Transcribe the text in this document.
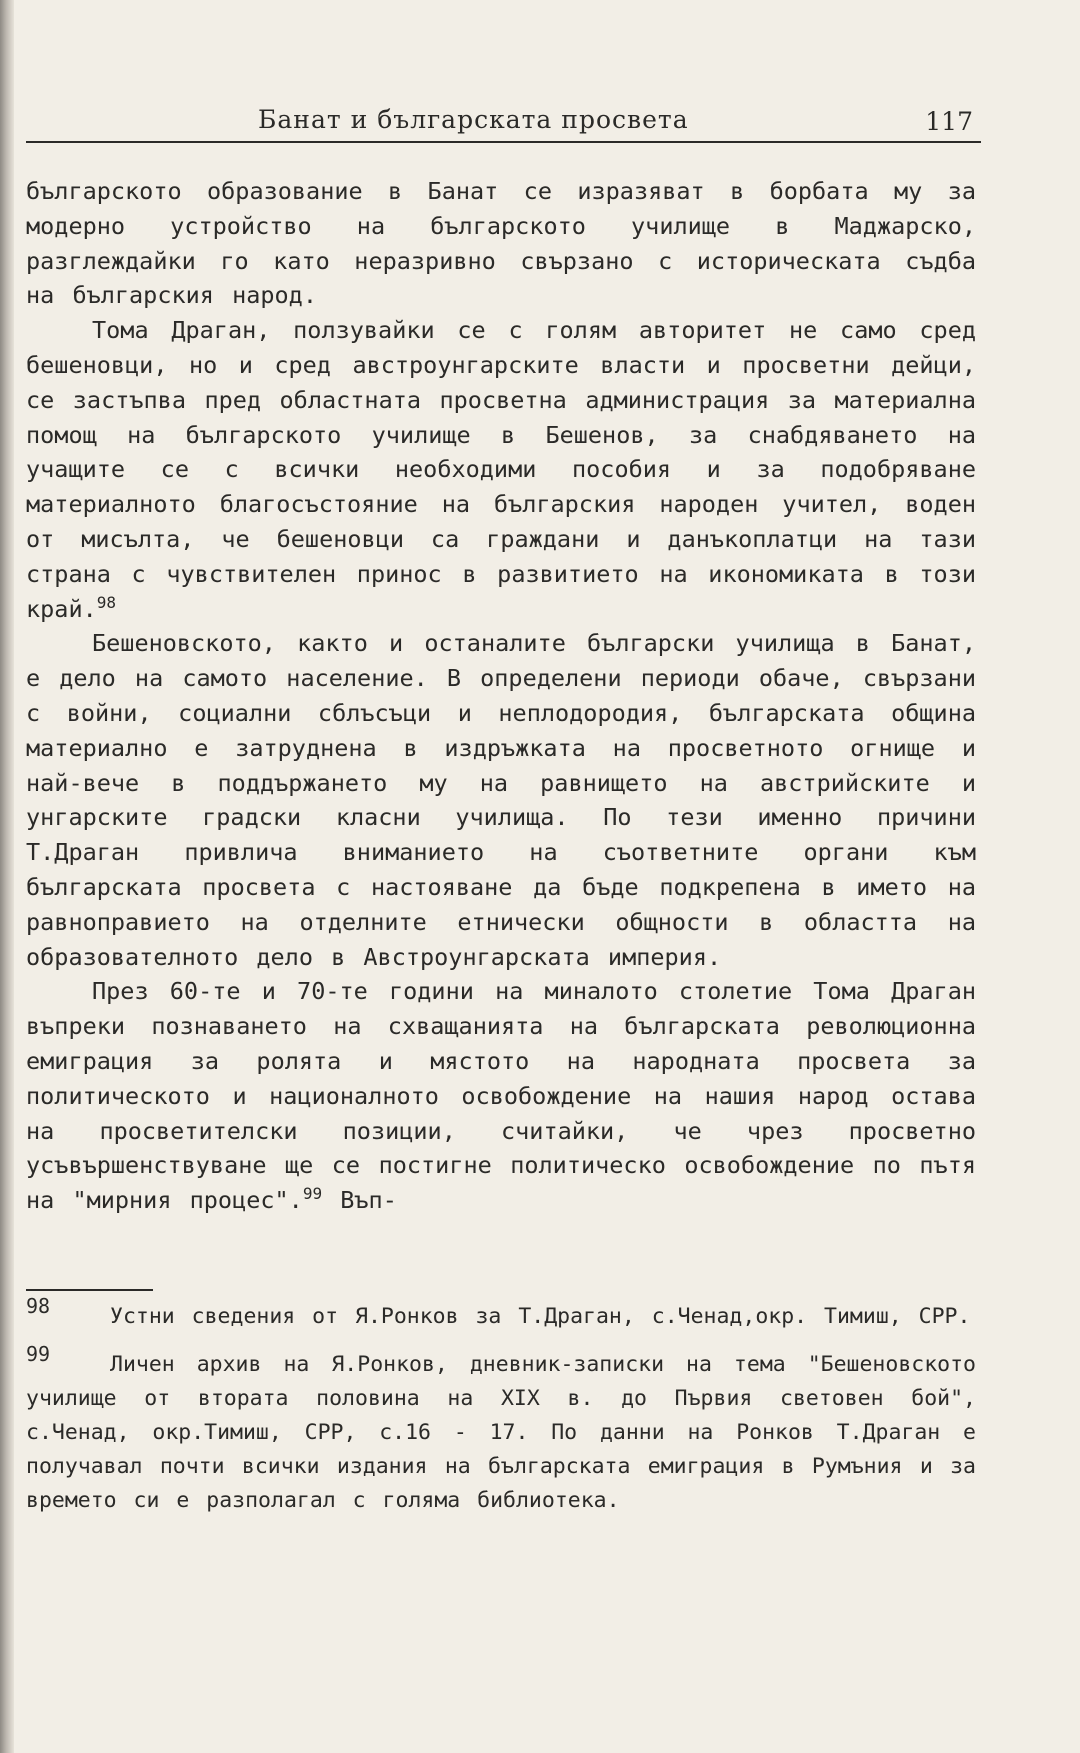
Банат и българската просвета	117

българското образование в Банат се изразяват в борбата му за модерно устройство на българското училище в Маджарско, разглеждайки го като неразривно свързано с историческата съдба на българския народ.

Тома Драган, ползувайки се с голям авторитет не само сред бешеновци, но и сред австроунгарските власти и просветни дейци, се застъпва пред областната просветна администрация за материална помощ на българското училище в Бешенов, за снабдяването на учащите се с всички необходими пособия и за подобряване материалното благосъстояние на българския народен учител, воден от мисълта, че бешеновци са граждани и данъкоплатци на тази страна с чувствителен принос в развитието на икономиката в този край.$^{98}$

Бешеновското, както и останалите български училища в Банат, е дело на самото население. В определени периоди обаче, свързани с войни, социални сблъсъци и неплодородия, българската община материално е затруднена в издръжката на просветното огнище и най-вече в поддържането му на равнището на австрийските и унгарските градски класни училища. По тези именно причини Т.Драган привлича вниманието на съответните органи към българската просвета с настояване да бъде подкрепена в името на равноправието на отделните етнически общности в областта на образователното дело в Австроунгарската империя.

През 60-те и 70-те години на миналото столетие Тома Драган въпреки познаването на схващанията на българската революционна емиграция за ролята и мястото на народната просвета за политическото и националното освобождение на нашия народ остава на просветителски позиции, считайки, че чрез просветно усъвършенствуване ще се постигне политическо освобождение по пътя на "мирния процес".$^{99}$ Въп-

98	Устни сведения от Я.Ронков за Т.Драган, с.Ченад,окр. Тимиш, СРР.

99	Личен архив на Я.Ронков, дневник-записки на тема "Бешеновското училище от втората половина на XIX в. до Първия световен бой", с.Ченад, окр.Тимиш, СРР, с.16 - 17. По данни на Ронков Т.Драган е получавал почти всички издания на българската емиграция в Румъния и за времето си е разполагал с голяма библиотека.
